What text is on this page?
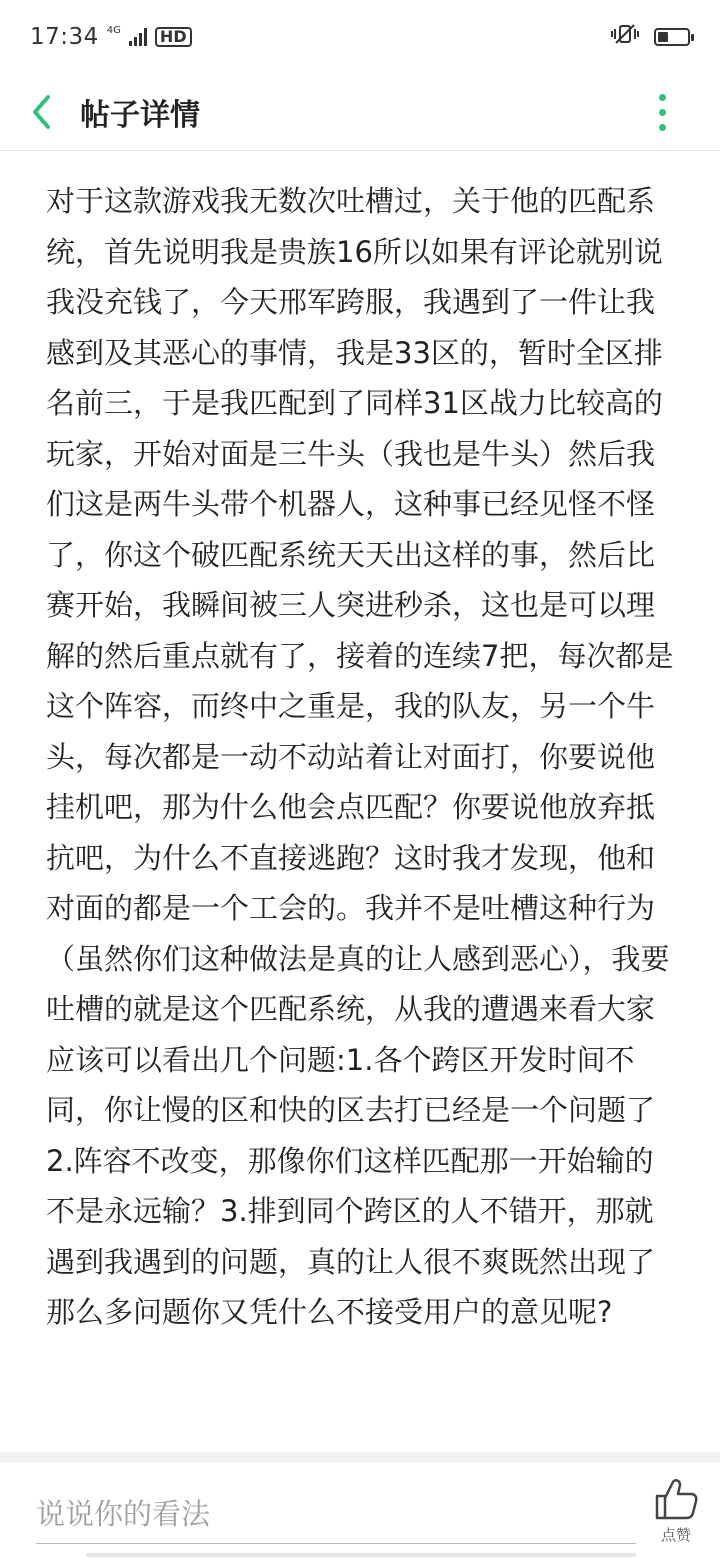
17:34 4G	HD
帖子详情
对于这款游戏我无数次吐槽过，关于他的匹配系统，首先说明我是贵族16所以如果有评论就别说我没充钱了，今天邢军跨服，我遇到了一件让我感到及其恶心的事情，我是33区的，暂时全区排名前三，于是我匹配到了同样31区战力比较高的玩家，开始对面是三牛头（我也是牛头）然后我们这是两牛头带个机器人，这种事已经见怪不怪了，你这个破匹配系统天天出这样的事，然后比赛开始，我瞬间被三人突进秒杀，这也是可以理解的然后重点就有了，接着的连续7把，每次都是这个阵容，而终中之重是，我的队友，另一个牛头，每次都是一动不动站着让对面打，你要说他挂机吧，那为什么他会点匹配？你要说他放弃抵抗吧，为什么不直接逃跑？这时我才发现，他和对面的都是一个工会的。我并不是吐槽这种行为（虽然你们这种做法是真的让人感到恶心），我要吐槽的就是这个匹配系统，从我的遭遇来看大家应该可以看出几个问题:1.各个跨区开发时间不同，你让慢的区和快的区去打已经是一个问题了2.阵容不改变，那像你们这样匹配那一开始输的不是永远输？3.排到同个跨区的人不错开，那就遇到我遇到的问题，真的让人很不爽既然出现了那么多问题你又凭什么不接受用户的意见呢?
说说你的看法
点赞
